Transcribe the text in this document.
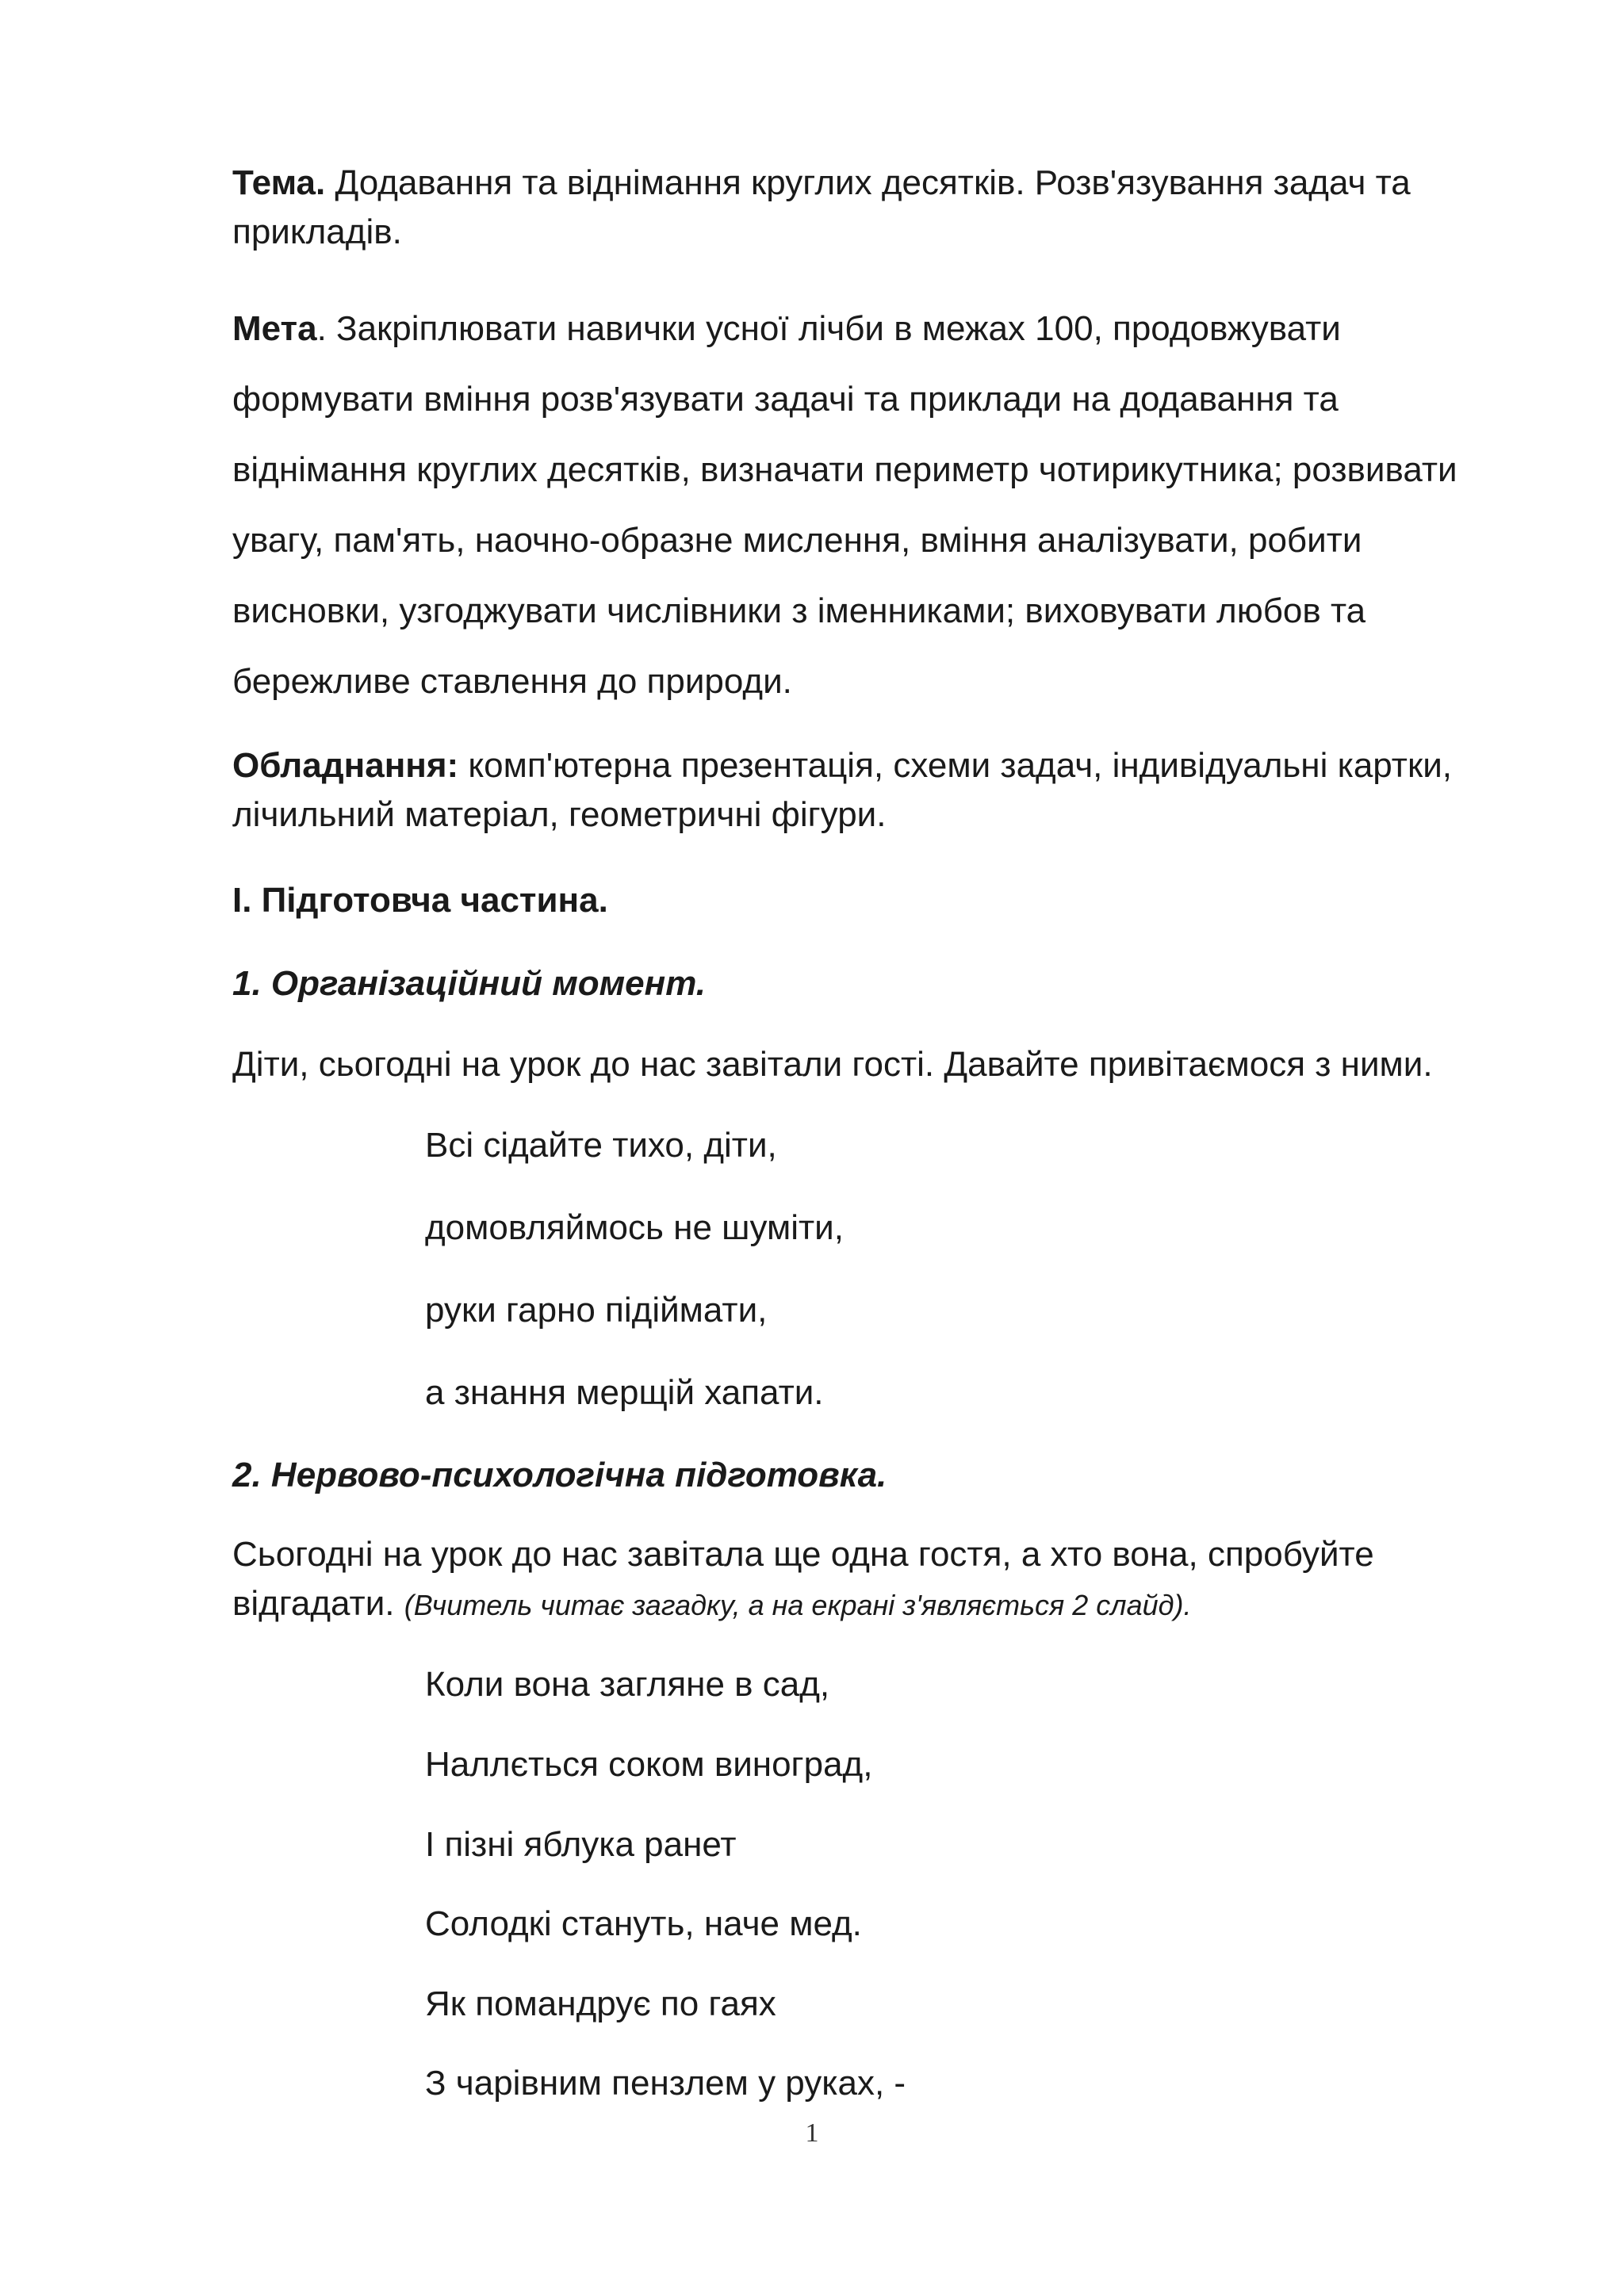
Тема. Додавання та віднімання круглих десятків. Розв'язування задач та
прикладів.

Мета. Закріплювати навички усної лічби в межах 100, продовжувати
формувати вміння розв'язувати задачі та приклади на додавання та
віднімання круглих десятків, визначати периметр чотирикутника; розвивати
увагу, пам'ять, наочно-образне мислення, вміння аналізувати, робити
висновки, узгоджувати числівники з іменниками; виховувати любов та
бережливе ставлення до природи.

Обладнання: комп'ютерна презентація, схеми задач, індивідуальні картки,
лічильний матеріал, геометричні фігури.

І. Підготовча частина.

1. Організаційний момент.

Діти, сьогодні на урок до нас завітали гості. Давайте привітаємося з ними.

Всі сідайте тихо, діти,

домовляймось не шуміти,

руки гарно підіймати,

а знання мерщій хапати.

2. Нервово-психологічна підготовка.

Сьогодні на урок до нас завітала ще одна гостя, а хто вона, спробуйте
відгадати. (Вчитель читає загадку, а на екрані з'являється 2 слайд).

Коли вона загляне в сад,

Наллється соком виноград,

І пізні яблука ранет

Солодкі стануть, наче мед.

Як помандрує по гаях

З чарівним пензлем у руках, -

1
